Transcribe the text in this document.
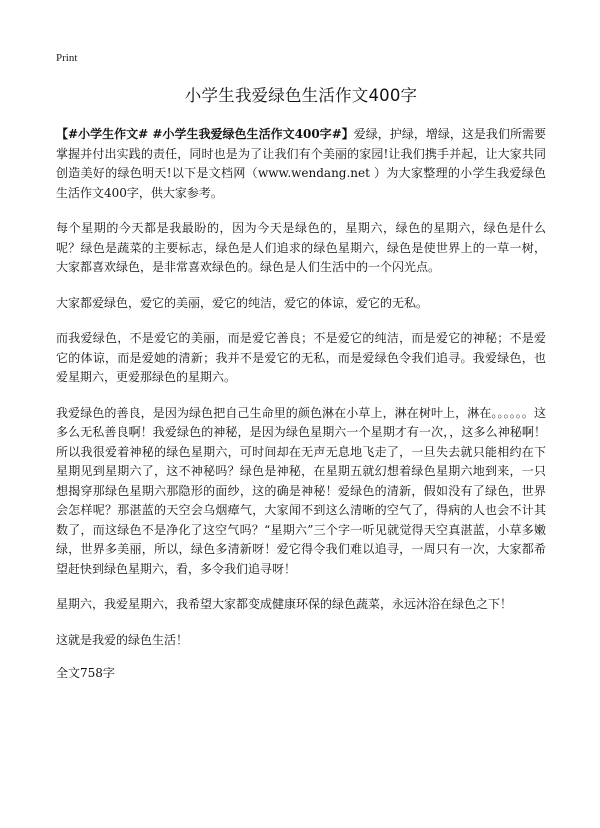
Print
小学生我爱绿色生活作文400字

【#小学生作文# #小学生我爱绿色生活作文400字#】爱绿，护绿，增绿，这是我们所需要掌握并付出实践的责任，同时也是为了让我们有个美丽的家园!让我们携手并起，让大家共同创造美好的绿色明天!以下是文档网（www.wendang.net ）为大家整理的小学生我爱绿色生活作文400字，供大家参考。

每个星期的今天都是我最盼的，因为今天是绿色的，星期六，绿色的星期六，绿色是什么呢？绿色是蔬菜的主要标志，绿色是人们追求的绿色星期六，绿色是使世界上的一草一树，大家都喜欢绿色，是非常喜欢绿色的。绿色是人们生活中的一个闪光点。

大家都爱绿色，爱它的美丽，爱它的纯洁，爱它的体谅，爱它的无私。

而我爱绿色，不是爱它的美丽，而是爱它善良；不是爱它的纯洁，而是爱它的神秘；不是爱它的体谅，而是爱她的清新；我并不是爱它的无私，而是爱绿色令我们追寻。我爱绿色，也爱星期六，更爱那绿色的星期六。

我爱绿色的善良，是因为绿色把自己生命里的颜色淋在小草上，淋在树叶上，淋在。。。。。。这多么无私善良啊！我爱绿色的神秘，是因为绿色星期六一个星期才有一次，，这多么神秘啊！所以我很爱着神秘的绿色星期六，可时间却在无声无息地飞走了，一旦失去就只能相约在下星期见到星期六了，这不神秘吗？绿色是神秘，在星期五就幻想着绿色星期六地到来，一只想揭穿那绿色星期六那隐形的面纱，这的确是神秘！爱绿色的清新，假如没有了绿色，世界会怎样呢？那湛蓝的天空会乌烟瘴气，大家闻不到这么清晰的空气了，得病的人也会不计其数了，而这绿色不是净化了这空气吗？“星期六”三个字一听见就觉得天空真湛蓝，小草多嫩绿，世界多美丽，所以，绿色多清新呀！爱它得令我们难以追寻，一周只有一次，大家都希望赶快到绿色星期六，看，多令我们追寻呀！

星期六，我爱星期六，我希望大家都变成健康环保的绿色蔬菜，永远沐浴在绿色之下！

这就是我爱的绿色生活！

全文758字
